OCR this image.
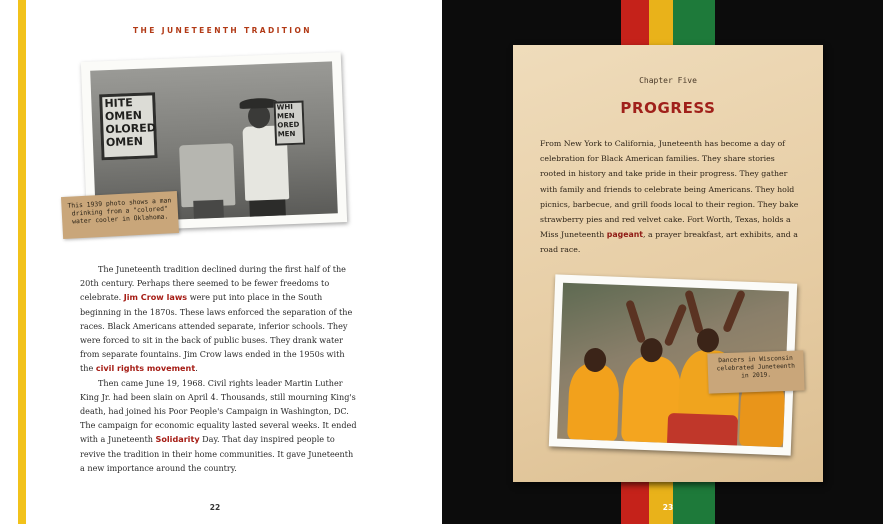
THE JUNETEENTH TRADITION
HITE
OMEN
OLORED
OMEN
WHI
MEN
ORED
MEN
This 1939 photo shows a man drinking from a "colored" water cooler in Oklahoma.

The Juneteenth tradition declined during the first half of the 20th century. Perhaps there seemed to be fewer freedoms to celebrate. Jim Crow laws were put into place in the South beginning in the 1870s. These laws enforced the separation of the races. Black Americans attended separate, inferior schools. They were forced to sit in the back of public buses. They drank water from separate fountains. Jim Crow laws ended in the 1950s with the civil rights movement.

Then came June 19, 1968. Civil rights leader Martin Luther King Jr. had been slain on April 4. Thousands, still mourning King's death, had joined his Poor People's Campaign in Washington, DC. The campaign for economic equality lasted several weeks. It ended with a Juneteenth Solidarity Day. That day inspired people to revive the tradition in their home communities. It gave Juneteenth a new importance around the country.

22
Chapter Five
PROGRESS
From New York to California, Juneteenth has become a day of celebration for Black American families. They share stories rooted in history and take pride in their progress. They gather with family and friends to celebrate being Americans. They hold picnics, barbecue, and grill foods local to their region. They bake strawberry pies and red velvet cake. Fort Worth, Texas, holds a Miss Juneteenth pageant, a prayer breakfast, art exhibits, and a road race.
Dancers in Wisconsin celebrated Juneteenth in 2019.
23
